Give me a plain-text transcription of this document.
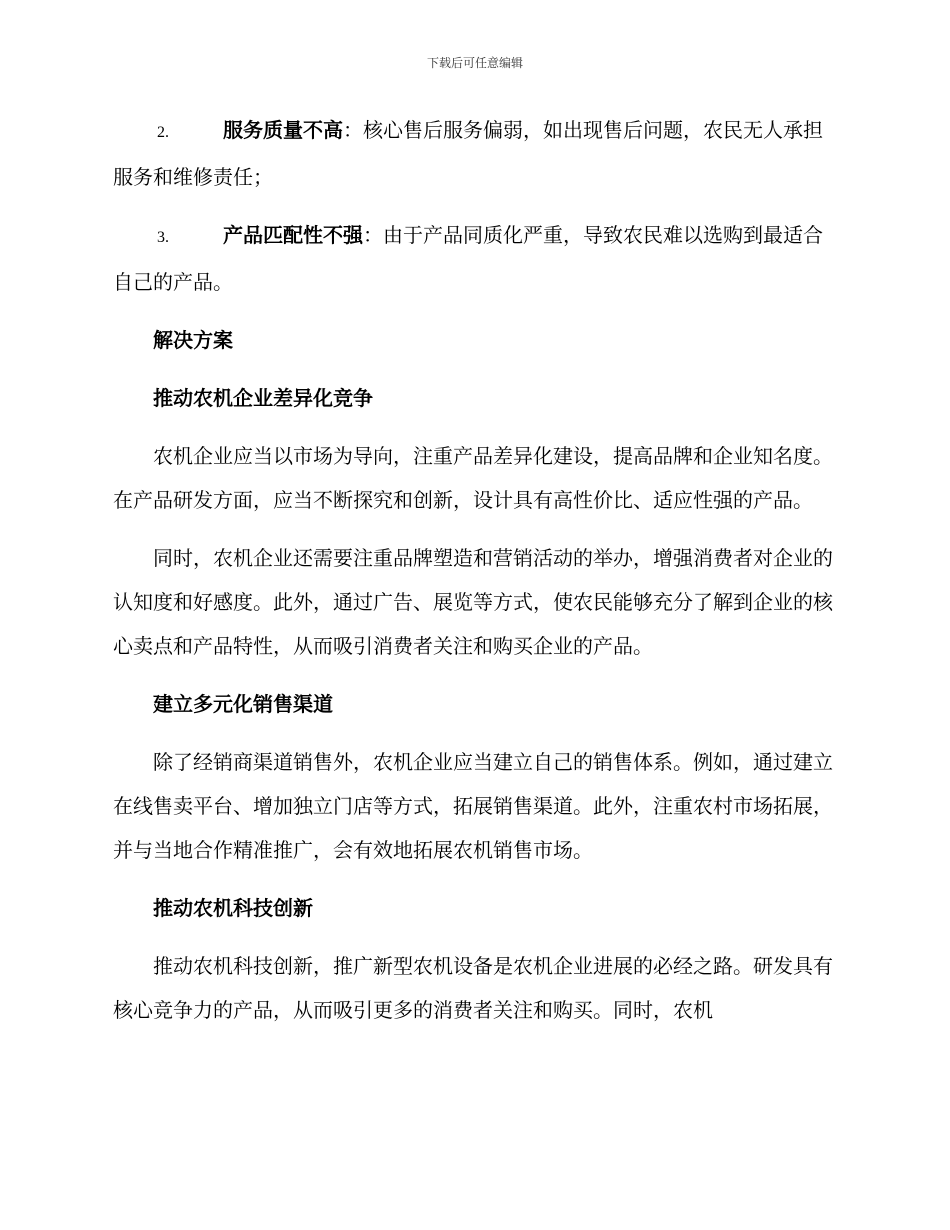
下载后可任意编辑
2.	服务质量不高：核心售后服务偏弱，如出现售后问题，农民无人承担服务和维修责任；
3.	产品匹配性不强：由于产品同质化严重，导致农民难以选购到最适合自己的产品。
解决方案
推动农机企业差异化竞争

农机企业应当以市场为导向，注重产品差异化建设，提高品牌和企业知名度。在产品研发方面，应当不断探究和创新，设计具有高性价比、适应性强的产品。

同时，农机企业还需要注重品牌塑造和营销活动的举办，增强消费者对企业的认知度和好感度。此外，通过广告、展览等方式，使农民能够充分了解到企业的核心卖点和产品特性，从而吸引消费者关注和购买企业的产品。

建立多元化销售渠道

除了经销商渠道销售外，农机企业应当建立自己的销售体系。例如，通过建立在线售卖平台、增加独立门店等方式，拓展销售渠道。此外，注重农村市场拓展，并与当地合作精准推广，会有效地拓展农机销售市场。

推动农机科技创新

推动农机科技创新，推广新型农机设备是农机企业进展的必经之路。研发具有核心竞争力的产品，从而吸引更多的消费者关注和购买。同时，农机
